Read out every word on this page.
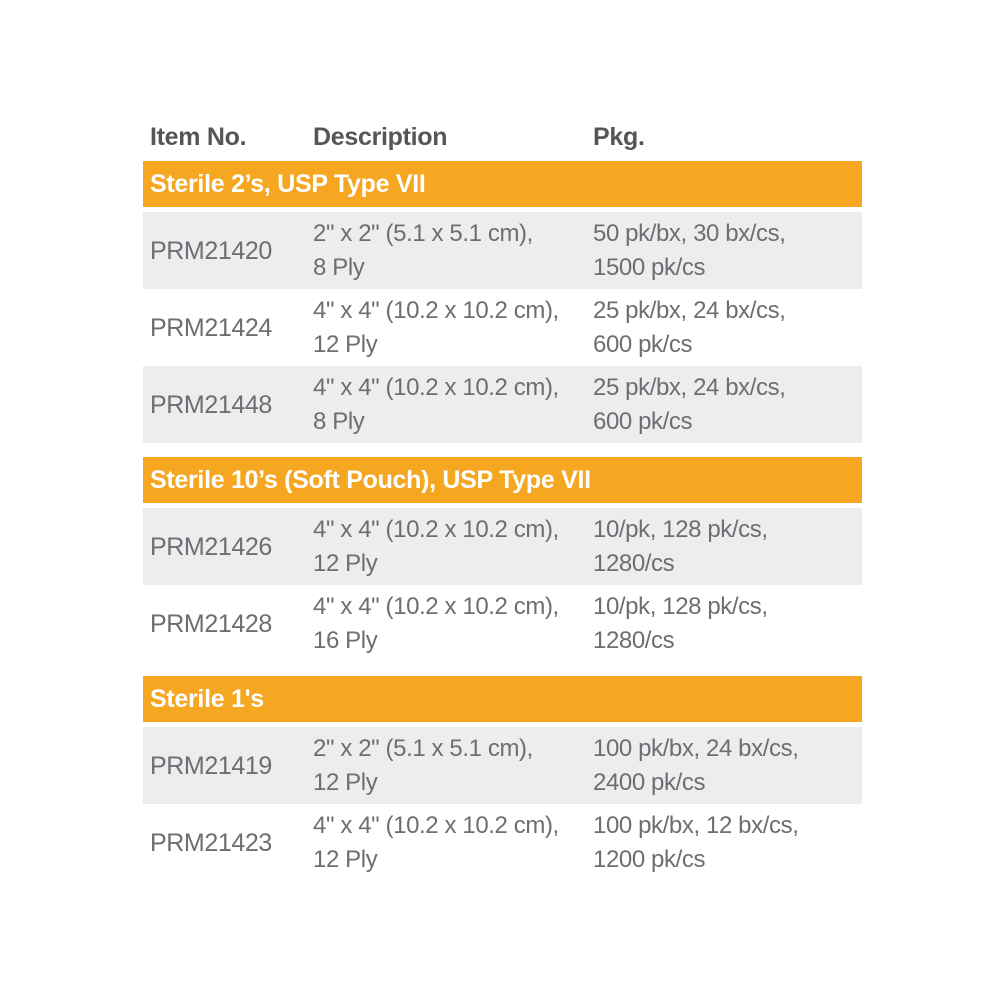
Item No.	Description	Pkg.
Sterile 2’s, USP Type VII
PRM21420
2" x 2" (5.1 x 5.1 cm),
8 Ply
50 pk/bx, 30 bx/cs,
1500 pk/cs
PRM21424
4" x 4" (10.2 x 10.2 cm),
12 Ply
25 pk/bx, 24 bx/cs,
600 pk/cs
PRM21448
4" x 4" (10.2 x 10.2 cm),
8 Ply
25 pk/bx, 24 bx/cs,
600 pk/cs
Sterile 10’s (Soft Pouch), USP Type VII
PRM21426
4" x 4" (10.2 x 10.2 cm),
12 Ply
10/pk, 128 pk/cs,
1280/cs
PRM21428
4" x 4" (10.2 x 10.2 cm),
16 Ply
10/pk, 128 pk/cs,
1280/cs
Sterile 1's
PRM21419
2" x 2" (5.1 x 5.1 cm),
12 Ply
100 pk/bx, 24 bx/cs,
2400 pk/cs
PRM21423
4" x 4" (10.2 x 10.2 cm),
12 Ply
100 pk/bx, 12 bx/cs,
1200 pk/cs
